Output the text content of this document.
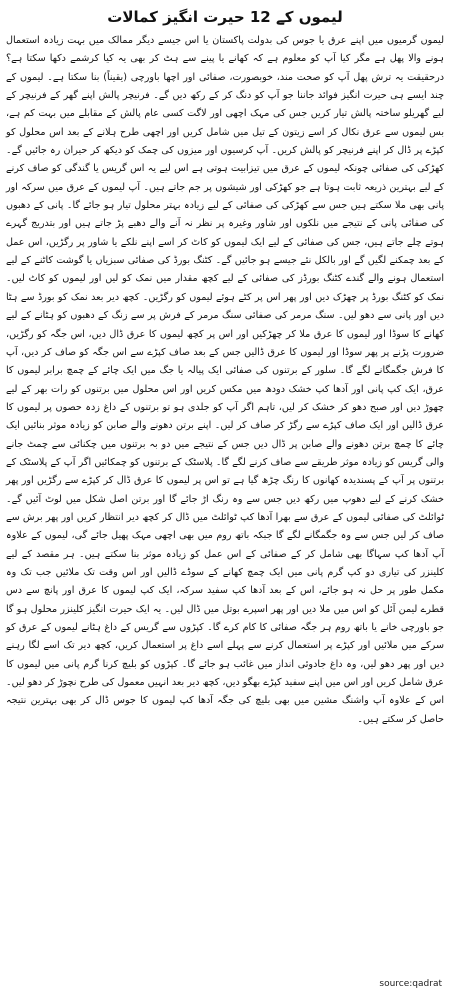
لیموں کے 12 حیرت انگیز کمالات

لیموں گرمیوں میں اپنے عرق یا جوس کی بدولت پاکستان یا اس جیسے دیگر ممالک میں بہت زیادہ استعمال ہونے والا پھل ہے مگر کیا آپ کو معلوم ہے کہ کھانے یا پینے سے ہٹ کر بھی یہ کیا کرشمے دکھا سکتا ہے؟ درحقیقت یہ ترش پھل آپ کو صحت مند، خوبصورت، صفائی اور اچھا باورچی (یقیناً) بنا سکتا ہے۔ لیموں کے چند ایسے ہی حیرت انگیز فوائد جاننا جو آپ کو دنگ کر کے رکھ دیں گے۔ فرنیچر پالش اپنے گھر کے فرنیچر کے لیے گھریلو ساختہ پالش تیار کریں جس کی مہک اچھی اور لاگت کسی عام پالش کے مقابلے میں بہت کم ہے، بس لیموں سے عرق نکال کر اسے زیتون کے تیل میں شامل کریں اور اچھی طرح ہلانے کے بعد اس محلول کو کپڑے پر ڈال کر اپنے فرنیچر کو پالش کریں۔ آپ کرسیوں اور میزوں کی چمک کو دیکھ کر حیران رہ جائیں گے۔ کھڑکی کی صفائی چونکہ لیموں کے عرق میں تیزابیت ہوتی ہے اس لیے یہ اس گریس یا گندگی کو صاف کرنے کے لیے بہترین ذریعہ ثابت ہوتا ہے جو کھڑکی اور شیشوں پر جم جاتے ہیں۔ آپ لیموں کے عرق میں سرکہ اور پانی بھی ملا سکتے ہیں جس سے کھڑکی کی صفائی کے لیے زیادہ بہتر محلول تیار ہو جائے گا۔ پانی کے دھبوں کی صفائی پانی کے نتیجے میں نلکوں اور شاور وغیرہ پر نظر نہ آنے والے دھبے پڑ جاتے ہیں اور بتدریج گہرے ہوتے چلے جاتے ہیں، جس کی صفائی کے لیے ایک لیموں کو کاٹ کر اسے اپنے نلکے یا شاور پر رگڑیں، اس عمل کے بعد چمکنے لگیں گے اور بالکل نئے جیسے ہو جائیں گے۔ کٹنگ بورڈ کی صفائی سبزیاں یا گوشت کاٹنے کے لیے استعمال ہونے والے گندے کٹنگ بورڈز کی صفائی کے لیے کچھ مقدار میں نمک کو لیں اور لیموں کو کاٹ لیں۔ نمک کو کٹنگ بورڈ پر چھڑک دیں اور پھر اس پر کٹے ہوئے لیموں کو رگڑیں۔ کچھ دیر بعد نمک کو بورڈ سے ہٹا دیں اور پانی سے دھو لیں۔ سنگ مرمر کی صفائی سنگ مرمر کے فرش پر سے زنگ کے دھبوں کو ہٹانے کے لیے کھانے کا سوڈا اور لیموں کا عرق ملا کر چھڑکیں اور اس پر کچھ لیموں کا عرق ڈال دیں، اس جگہ کو رگڑیں، ضرورت پڑنے پر پھر سوڈا اور لیموں کا عرق ڈالیں جس کے بعد صاف کپڑے سے اس جگہ کو صاف کر دیں، آپ کا فرش جگمگانے لگے گا۔ سلور کے برتنوں کی صفائی ایک پیالہ یا جگ میں ایک چائے کے چمچ برابر لیموں کا عرق، ایک کپ پانی اور آدھا کپ خشک دودھ میں مکس کریں اور اس محلول میں برتنوں کو رات بھر کے لیے چھوڑ دیں اور صبح دھو کر خشک کر لیں، تاہم اگر آپ کو جلدی ہو تو برتنوں کے داغ زدہ حصوں پر لیموں کا عرق ڈالیں اور ایک صاف کپڑے سے رگڑ کر صاف کر لیں۔ اپنے برتن دھونے والے صابن کو زیادہ موثر بنائیں ایک چائے کا چمچ برتن دھونے والے صابن پر ڈال دیں جس کے نتیجے میں دو بہ برتنوں میں چکنائی سے چمٹ جانے والی گریس کو زیادہ موثر طریقے سے صاف کرنے لگے گا۔ پلاسٹک کے برتنوں کو چمکائیں اگر آپ کے پلاسٹک کے برتنوں پر آپ کے پسندیدہ کھانوں کا رنگ چڑھ گیا ہے تو اس پر لیموں کا عرق ڈال کر کپڑے سے رگڑیں اور پھر خشک کرنے کے لیے دھوپ میں رکھ دیں جس سے وہ رنگ اڑ جائے گا اور برتن اصل شکل میں لوٹ آئیں گے۔ ٹوائلٹ کی صفائی لیموں کے عرق سے بھرا آدھا کپ ٹوائلٹ میں ڈال کر کچھ دیر انتظار کریں اور پھر برش سے صاف کر لیں جس سے وہ جگمگانے لگے گا جبکہ باتھ روم میں بھی اچھی مہک پھیل جائے گی، لیموں کے علاوہ آپ آدھا کپ سہاگا بھی شامل کر کے صفائی کے اس عمل کو زیادہ موثر بنا سکتے ہیں۔ ہر مقصد کے لیے کلینزر کی تیاری دو کپ گرم پانی میں ایک چمچ کھانے کے سوڈے ڈالیں اور اس وقت تک ملائیں جب تک وہ مکمل طور پر حل نہ ہو جائے، اس کے بعد آدھا کپ سفید سرکہ، ایک کپ لیموں کا عرق اور پانچ سے دس قطرے لیمن آئل کو اس میں ملا دیں اور پھر اسپرے بوتل میں ڈال لیں۔ یہ ایک حیرت انگیز کلینزر محلول ہو گا جو باورچی خانے یا باتھ روم ہر جگہ صفائی کا کام کرے گا۔ کپڑوں سے گریس کے داغ ہٹانے لیموں کے عرق کو سرکے میں ملائیں اور کپڑے پر استعمال کرنے سے پہلے اسے داغ پر استعمال کریں، کچھ دیر تک اسے لگا رہنے دیں اور پھر دھو لیں، وہ داغ جادوئی انداز میں غائب ہو جائے گا۔ کپڑوں کو بلیچ کرنا گرم پانی میں لیموں کا عرق شامل کریں اور اس میں اپنے سفید کپڑے بھگو دیں، کچھ دیر بعد انہیں معمول کی طرح نچوڑ کر دھو لیں۔ اس کے علاوہ آپ واشنگ مشین میں بھی بلیچ کی جگہ آدھا کپ لیموں کا جوس ڈال کر بھی بہترین نتیجہ حاصل کر سکتے ہیں۔

source:qadrat
